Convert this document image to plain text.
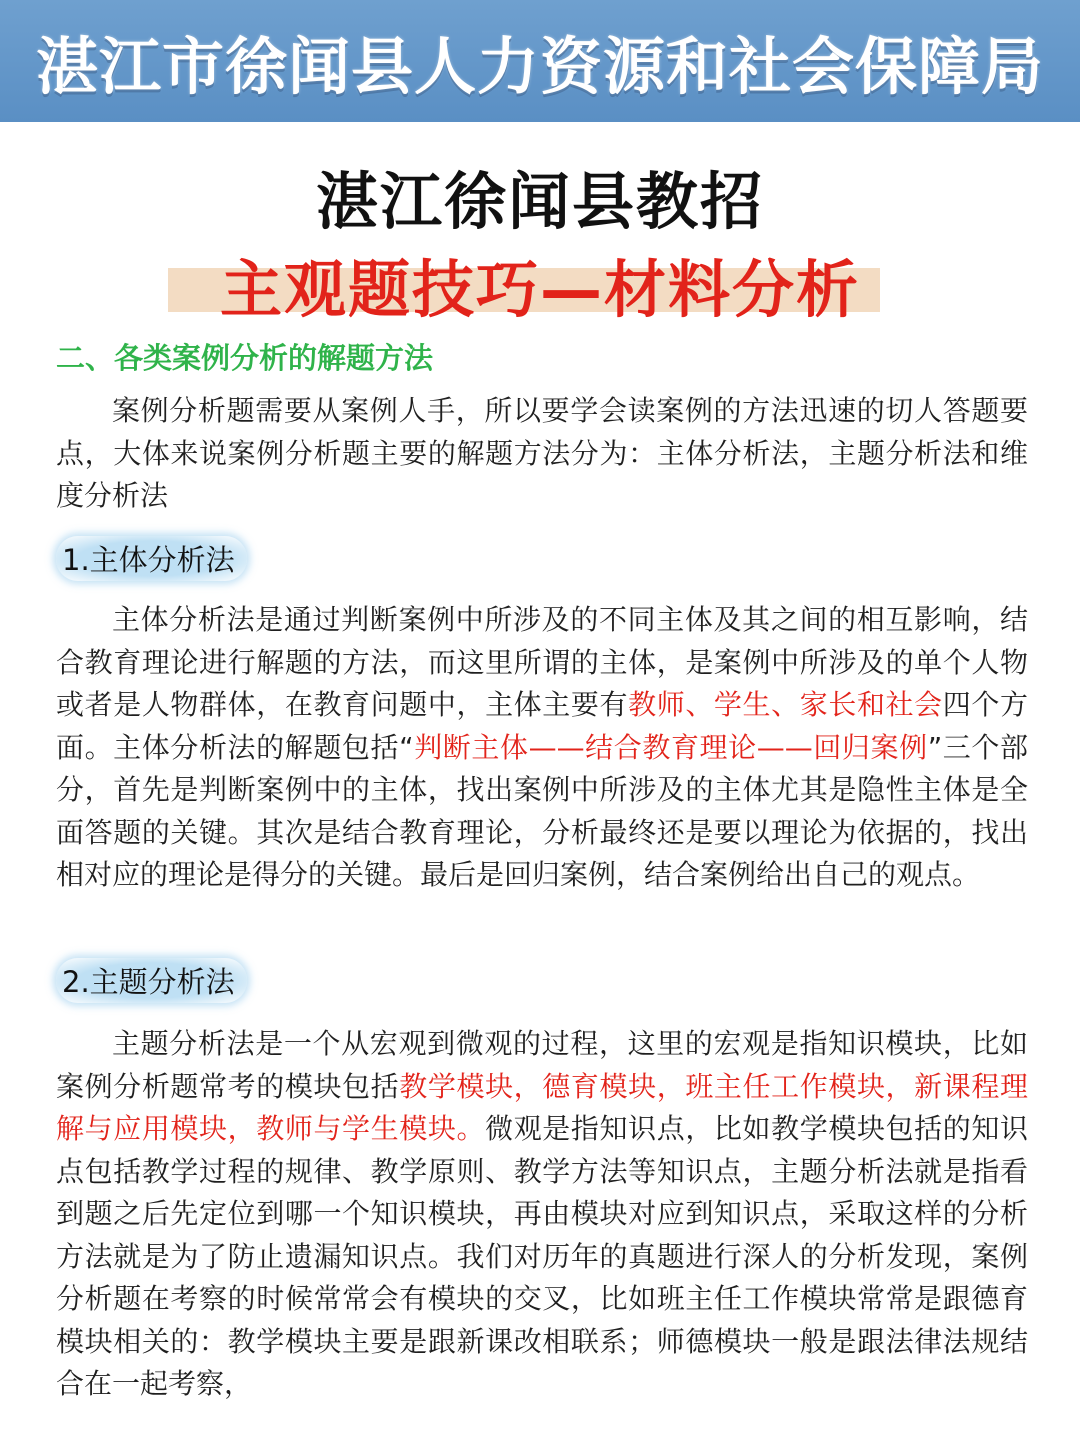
湛江市徐闻县人力资源和社会保障局
湛江徐闻县教招
主观题技巧—材料分析
二、各类案例分析的解题方法

案例分析题需要从案例人手，所以要学会读案例的方法迅速的切人答题要点，大体来说案例分析题主要的解题方法分为：主体分析法，主题分析法和维度分析法

1.主体分析法

主体分析法是通过判断案例中所涉及的不同主体及其之间的相互影响，结合教育理论进行解题的方法，而这里所谓的主体，是案例中所涉及的单个人物或者是人物群体，在教育问题中，主体主要有教师、学生、家长和社会四个方面。主体分析法的解题包括“判断主体——结合教育理论——回归案例”三个部分，首先是判断案例中的主体，找出案例中所涉及的主体尤其是隐性主体是全面答题的关键。其次是结合教育理论，分析最终还是要以理论为依据的，找出相对应的理论是得分的关键。最后是回归案例，结合案例给出自己的观点。

2.主题分析法

主题分析法是一个从宏观到微观的过程，这里的宏观是指知识模块，比如案例分析题常考的模块包括教学模块，德育模块，班主任工作模块，新课程理解与应用模块，教师与学生模块。微观是指知识点，比如教学模块包括的知识点包括教学过程的规律、教学原则、教学方法等知识点，主题分析法就是指看到题之后先定位到哪一个知识模块，再由模块对应到知识点，采取这样的分析方法就是为了防止遗漏知识点。我们对历年的真题进行深人的分析发现，案例分析题在考察的时候常常会有模块的交叉，比如班主任工作模块常常是跟德育模块相关的：教学模块主要是跟新课改相联系；师德模块一般是跟法律法规结合在一起考察，
